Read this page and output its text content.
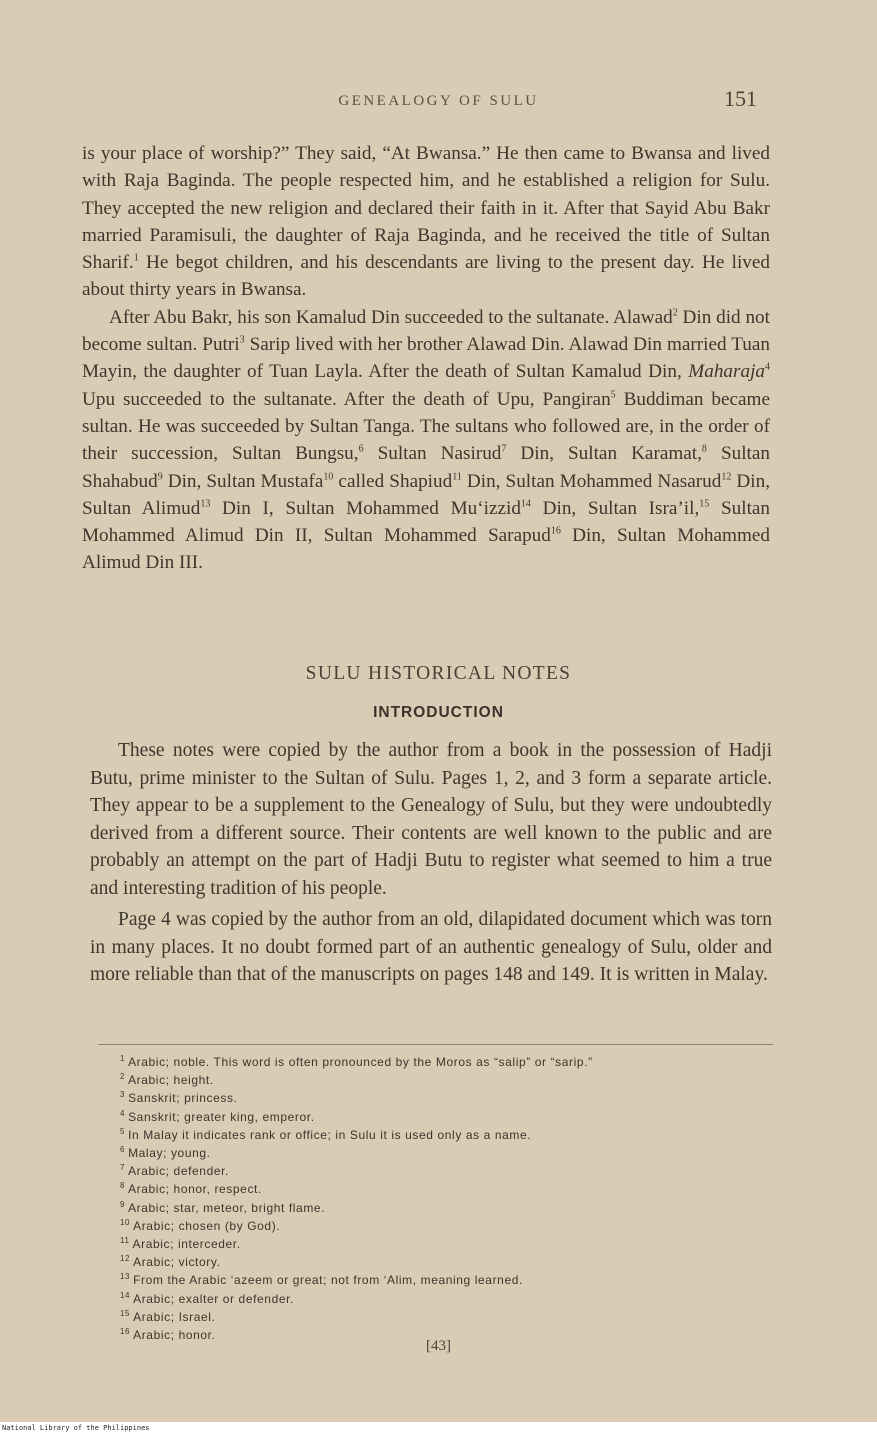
GENEALOGY OF SULU	151

is your place of worship?” They said, “At Bwansa.” He then came to Bwansa and lived with Raja Baginda. The people respected him, and he established a religion for Sulu. They accepted the new religion and declared their faith in it. After that Sayid Abu Bakr married Paramisuli, the daughter of Raja Baginda, and he received the title of Sultan Sharif.$^1$ He begot children, and his descendants are living to the present day. He lived about thirty years in Bwansa.

After Abu Bakr, his son Kamalud Din succeeded to the sultanate. Alawad$^2$ Din did not become sultan. Putri$^3$ Sarip lived with her brother Alawad Din. Alawad Din married Tuan Mayin, the daughter of Tuan Layla. After the death of Sultan Kamalud Din, Maharaja$^4$ Upu succeeded to the sultanate. After the death of Upu, Pangiran$^5$ Buddiman became sultan. He was succeeded by Sultan Tanga. The sultans who followed are, in the order of their succession, Sultan Bungsu,$^6$ Sultan Nasirud$^7$ Din, Sultan Karamat,$^8$ Sultan Shahabud$^9$ Din, Sultan Mustafa$^{10}$ called Shapiud$^{11}$ Din, Sultan Mohammed Nasarud$^{12}$ Din, Sultan Alimud$^{13}$ Din I, Sultan Mohammed Mu‘izzid$^{14}$ Din, Sultan Isra’il,$^{15}$ Sultan Mohammed Alimud Din II, Sultan Mohammed Sarapud$^{16}$ Din, Sultan Mohammed Alimud Din III.

SULU HISTORICAL NOTES
INTRODUCTION

These notes were copied by the author from a book in the possession of Hadji Butu, prime minister to the Sultan of Sulu. Pages 1, 2, and 3 form a separate article. They appear to be a supplement to the Genealogy of Sulu, but they were undoubtedly derived from a different source. Their contents are well known to the public and are probably an attempt on the part of Hadji Butu to register what seemed to him a true and interesting tradition of his people.

Page 4 was copied by the author from an old, dilapidated document which was torn in many places. It no doubt formed part of an authentic genealogy of Sulu, older and more reliable than that of the manuscripts on pages 148 and 149. It is written in Malay.

$^1$ Arabic; noble. This word is often pronounced by the Moros as “salip” or “sarip.”
$^2$ Arabic; height.
$^3$ Sanskrit; princess.
$^4$ Sanskrit; greater king, emperor.
$^5$ In Malay it indicates rank or office; in Sulu it is used only as a name.
$^6$ Malay; young.
$^7$ Arabic; defender.
$^8$ Arabic; honor, respect.
$^9$ Arabic; star, meteor, bright flame.
$^{10}$ Arabic; chosen (by God).
$^{11}$ Arabic; interceder.
$^{12}$ Arabic; victory.
$^{13}$ From the Arabic ‘azeem or great; not from ‘Alim, meaning learned.
$^{14}$ Arabic; exalter or defender.
$^{15}$ Arabic; Israel.
$^{16}$ Arabic; honor.
[43]
National Library of the Philippines
